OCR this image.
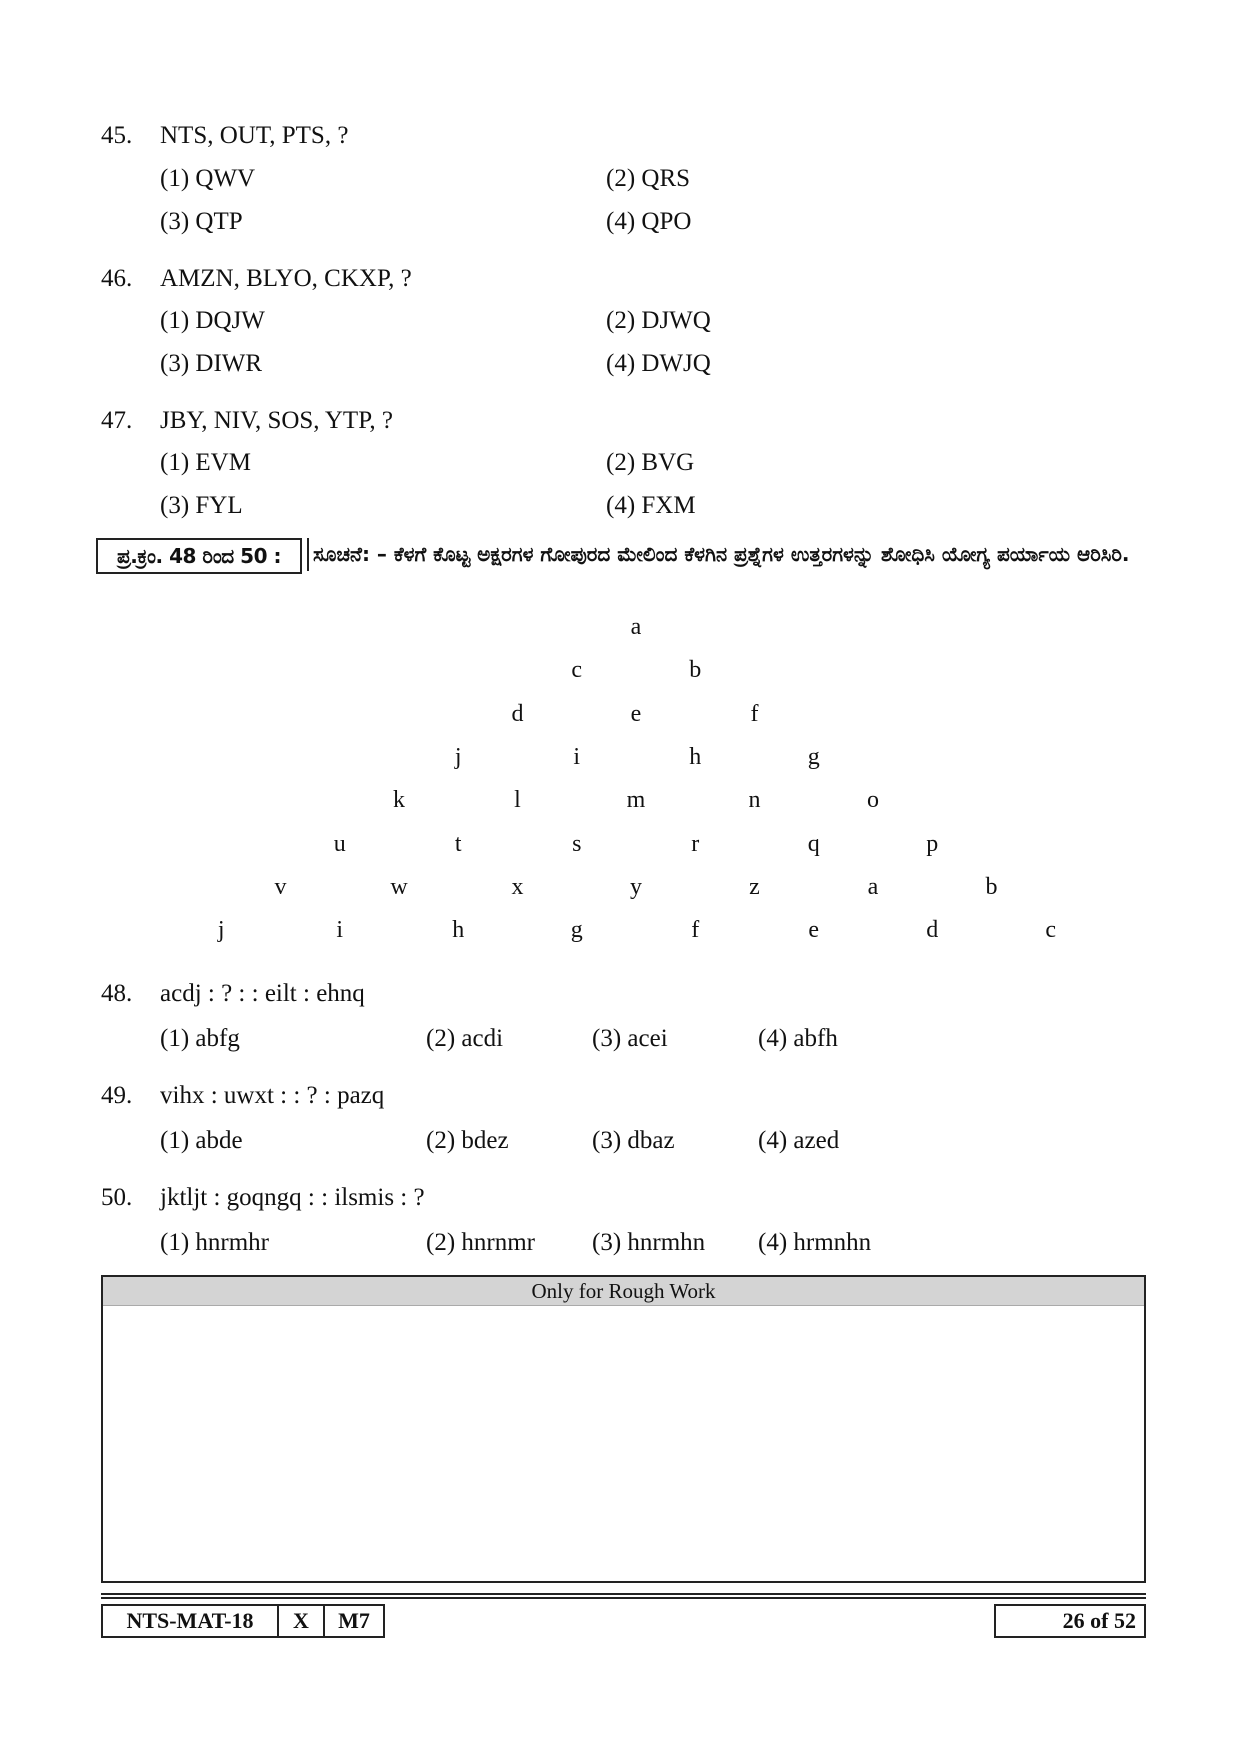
45. NTS, OUT, PTS, ?
(1) QWV	(2) QRS
(3) QTP	(4) QPO
46. AMZN, BLYO, CKXP, ?
(1) DQJW	(2) DJWQ
(3) DIWR	(4) DWJQ
47. JBY, NIV, SOS, YTP, ?
(1) EVM	(2) BVG
(3) FYL	(4) FXM
ಪ್ರ.ಕ್ರಂ. 48 ರಿಂದ 50 :	ಸೂಚನೆ: – ಕೆಳಗೆ ಕೊಟ್ಟ ಅಕ್ಷರಗಳ ಗೋಪುರದ ಮೇಲಿಂದ ಕೆಳಗಿನ ಪ್ರಶ್ನೆಗಳ ಉತ್ತರಗಳನ್ನು ಶೋಧಿಸಿ ಯೋಗ್ಯ ಪರ್ಯಾಯ ಆರಿಸಿರಿ.
a
c	b
d	e	f
j	i	h	g
k	l	m	n	o
u	t	s	r	q	p
v	w	x	y	z	a	b
j	i	h	g	f	e	d	c
48. acdj : ? : : eilt : ehnq
(1) abfg	(2) acdi	(3) acei	(4) abfh
49. vihx : uwxt : : ? : pazq
(1) abde	(2) bdez	(3) dbaz	(4) azed
50. jktljt : goqngq : : ilsmis : ?
(1) hnrmhr	(2) hnrnmr (3) hnrmhn (4) hrmnhn
Only for Rough Work
NTS-MAT-18	X	M7	26 of 52
